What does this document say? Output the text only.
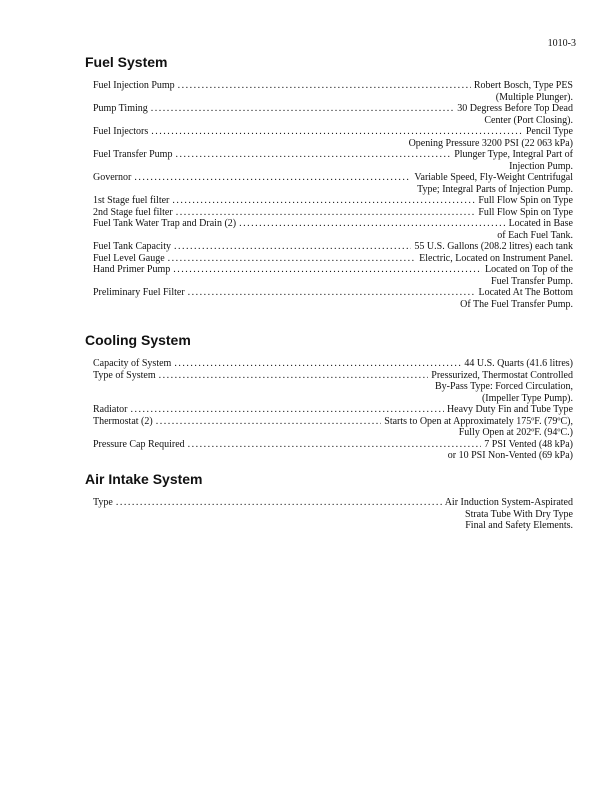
1010-3
Fuel System
Fuel Injection Pump .....	Robert Bosch, Type PES
(Multiple Plunger).
Pump Timing .....	30 Degress Before Top Dead
Center (Port Closing).
Fuel Injectors .....	Pencil Type
Opening Pressure 3200 PSI (22 063 kPa)
Fuel Transfer Pump .....	Plunger Type, Integral Part of
Injection Pump.
Governor .....	Variable Speed, Fly-Weight Centrifugal
Type; Integral Parts of Injection Pump.
1st Stage fuel filter .....	Full Flow Spin on Type
2nd Stage fuel filter .....	Full Flow Spin on Type
Fuel Tank Water Trap and Drain (2) .....	Located in Base
of Each Fuel Tank.
Fuel Tank Capacity .....	55 U.S. Gallons (208.2 litres) each tank
Fuel Level Gauge .....	Electric, Located on Instrument Panel.
Hand Primer Pump .....	Located on Top of the
Fuel Transfer Pump.
Preliminary Fuel Filter .....	Located At The Bottom
Of The Fuel Transfer Pump.
Cooling System
Capacity of System .....	44 U.S. Quarts (41.6 litres)
Type of System .....	Pressurized, Thermostat Controlled
By-Pass Type: Forced Circulation,
(Impeller Type Pump).
Radiator .....	Heavy Duty Fin and Tube Type
Thermostat (2) .....	Starts to Open at Approximately 175ºF. (79ºC),
Fully Open at 202ºF. (94ºC.)
Pressure Cap Required .....	7 PSI Vented (48 kPa)
or 10 PSI Non-Vented (69 kPa)
Air Intake System
Type .....	Air Induction System-Aspirated
Strata Tube With Dry Type
Final and Safety Elements.
